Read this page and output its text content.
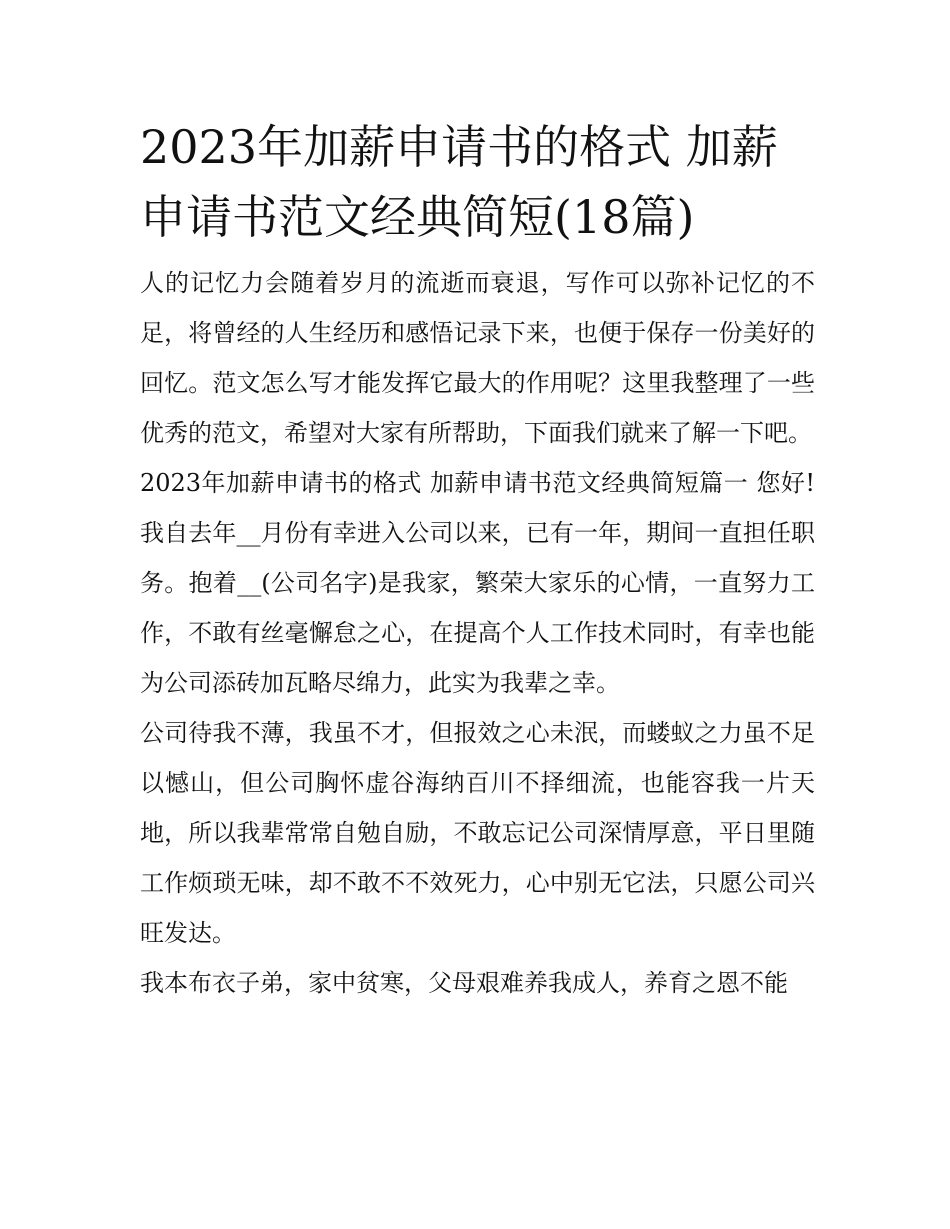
2023年加薪申请书的格式 加薪申请书范文经典简短(18篇)

人的记忆力会随着岁月的流逝而衰退，写作可以弥补记忆的不足，将曾经的人生经历和感悟记录下来，也便于保存一份美好的回忆。范文怎么写才能发挥它最大的作用呢？这里我整理了一些优秀的范文，希望对大家有所帮助，下面我们就来了解一下吧。

2023年加薪申请书的格式 加薪申请书范文经典简短篇一 您好!我自去年__月份有幸进入公司以来，已有一年，期间一直担任职务。抱着__(公司名字)是我家，繁荣大家乐的心情，一直努力工作，不敢有丝毫懈怠之心，在提高个人工作技术同时，有幸也能为公司添砖加瓦略尽绵力，此实为我辈之幸。

公司待我不薄，我虽不才，但报效之心未泯，而蝼蚁之力虽不足以憾山，但公司胸怀虚谷海纳百川不择细流，也能容我一片天地，所以我辈常常自勉自励，不敢忘记公司深情厚意，平日里随工作烦琐无味，却不敢不不效死力，心中别无它法，只愿公司兴旺发达。

我本布衣子弟，家中贫寒，父母艰难养我成人，养育之恩不能
